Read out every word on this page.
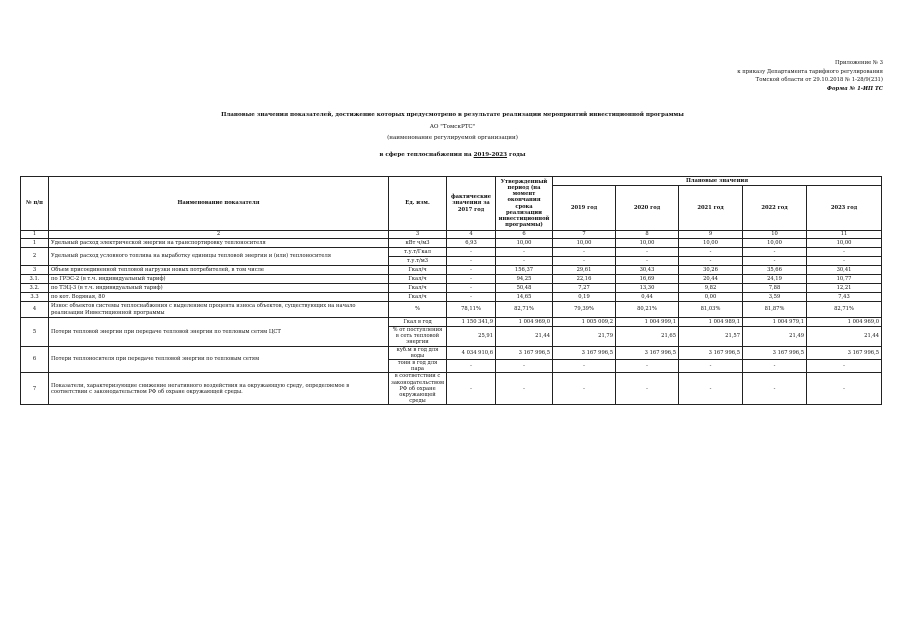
Приложение № 3
к приказу Департамента тарифного регулирования
Томской области от 29.10.2018 № 1-28/9(231)
Форма № 1-ИП ТС
Плановые значения показателей, достижение которых предусмотрено в результате реализации мероприятий инвестиционной программы
АО "ТомскРТС"
(наименование регулируемой организации)
в сфере теплоснабжения на 2019-2023 годы
№ п/п	Наименование показателя	Ед. изм.	фактические значения за 2017 год	Утвержденный период (на момент окончания срока реализации инвестиционной программы)	Плановые значения				
					2019 год	2020 год	2021 год	2022 год	2023 год
1	2	3	4	6	7	8	9	10	11
1	Удельный расход электрической энергии на транспортировку теплоносителя	кВт ч/м3	6,93	10,00	10,00	10,00	10,00	10,00	10,00
2	Удельный расход условного топлива на выработку единицы тепловой энергии и (или) теплоносителя	т.у.т/Гкал	-	-	-	-	-	-	-
		т.у.т/м3	-	-	-	-	-	-	-
3	Объем присоединенной тепловой нагрузки новых потребителей, в том числе	Гкал/ч	-	156,37	29,61	30,43	30,26	35,66	30,41
3.1.	по ГРЭС-2 (в т.ч. индивидуальный тариф)	Гкал/ч	-	94,25	22,16	16,69	20,44	24,19	10,77
3.2.	по ТЭЦ-3 (в т.ч. индивидуальный тариф)	Гкал/ч	-	50,48	7,27	13,30	9,82	7,88	12,21
3.3	по кот. Водяная, 80	Гкал/ч	-	14,65	0,19	0,44	0,00	3,59	7,43
4	Износ объектов системы теплоснабжения с выделением процента износа объектов, существующих на начало реализации Инвестиционной программы	%	78,11%	82,71%	79,39%	80,21%	81,03%	81,87%	82,71%
5	Потери тепловой энергии при передаче тепловой энергии по тепловым сетям ЦСТ	Гкал в год	1 150 341,9	1 004 969,0	1 005 009,2	1 004 999,1	1 004 989,1	1 004 979,1	1 004 969,0
		% от поступления в сеть тепловой энергии	25,91	21,44	21,79	21,65	21,57	21,49	21,44
6	Потери теплоносителя при передаче тепловой энергии по тепловым сетям	куб.м в год для воды	4 034 910,6	3 167 996,5	3 167 996,5	3 167 996,5	3 167 996,5	3 167 996,5	3 167 996,5
		тонн в год для пара	-	-	-	-	-	-	-
7	Показатели, характеризующие снижение негативного воздействия на окружающую среду, определяемое в соответствии с законодательством РФ об охране окружающей среды.	в соответствии с законодательством РФ об охране окружающей среды	-	-	-	-	-	-	-
